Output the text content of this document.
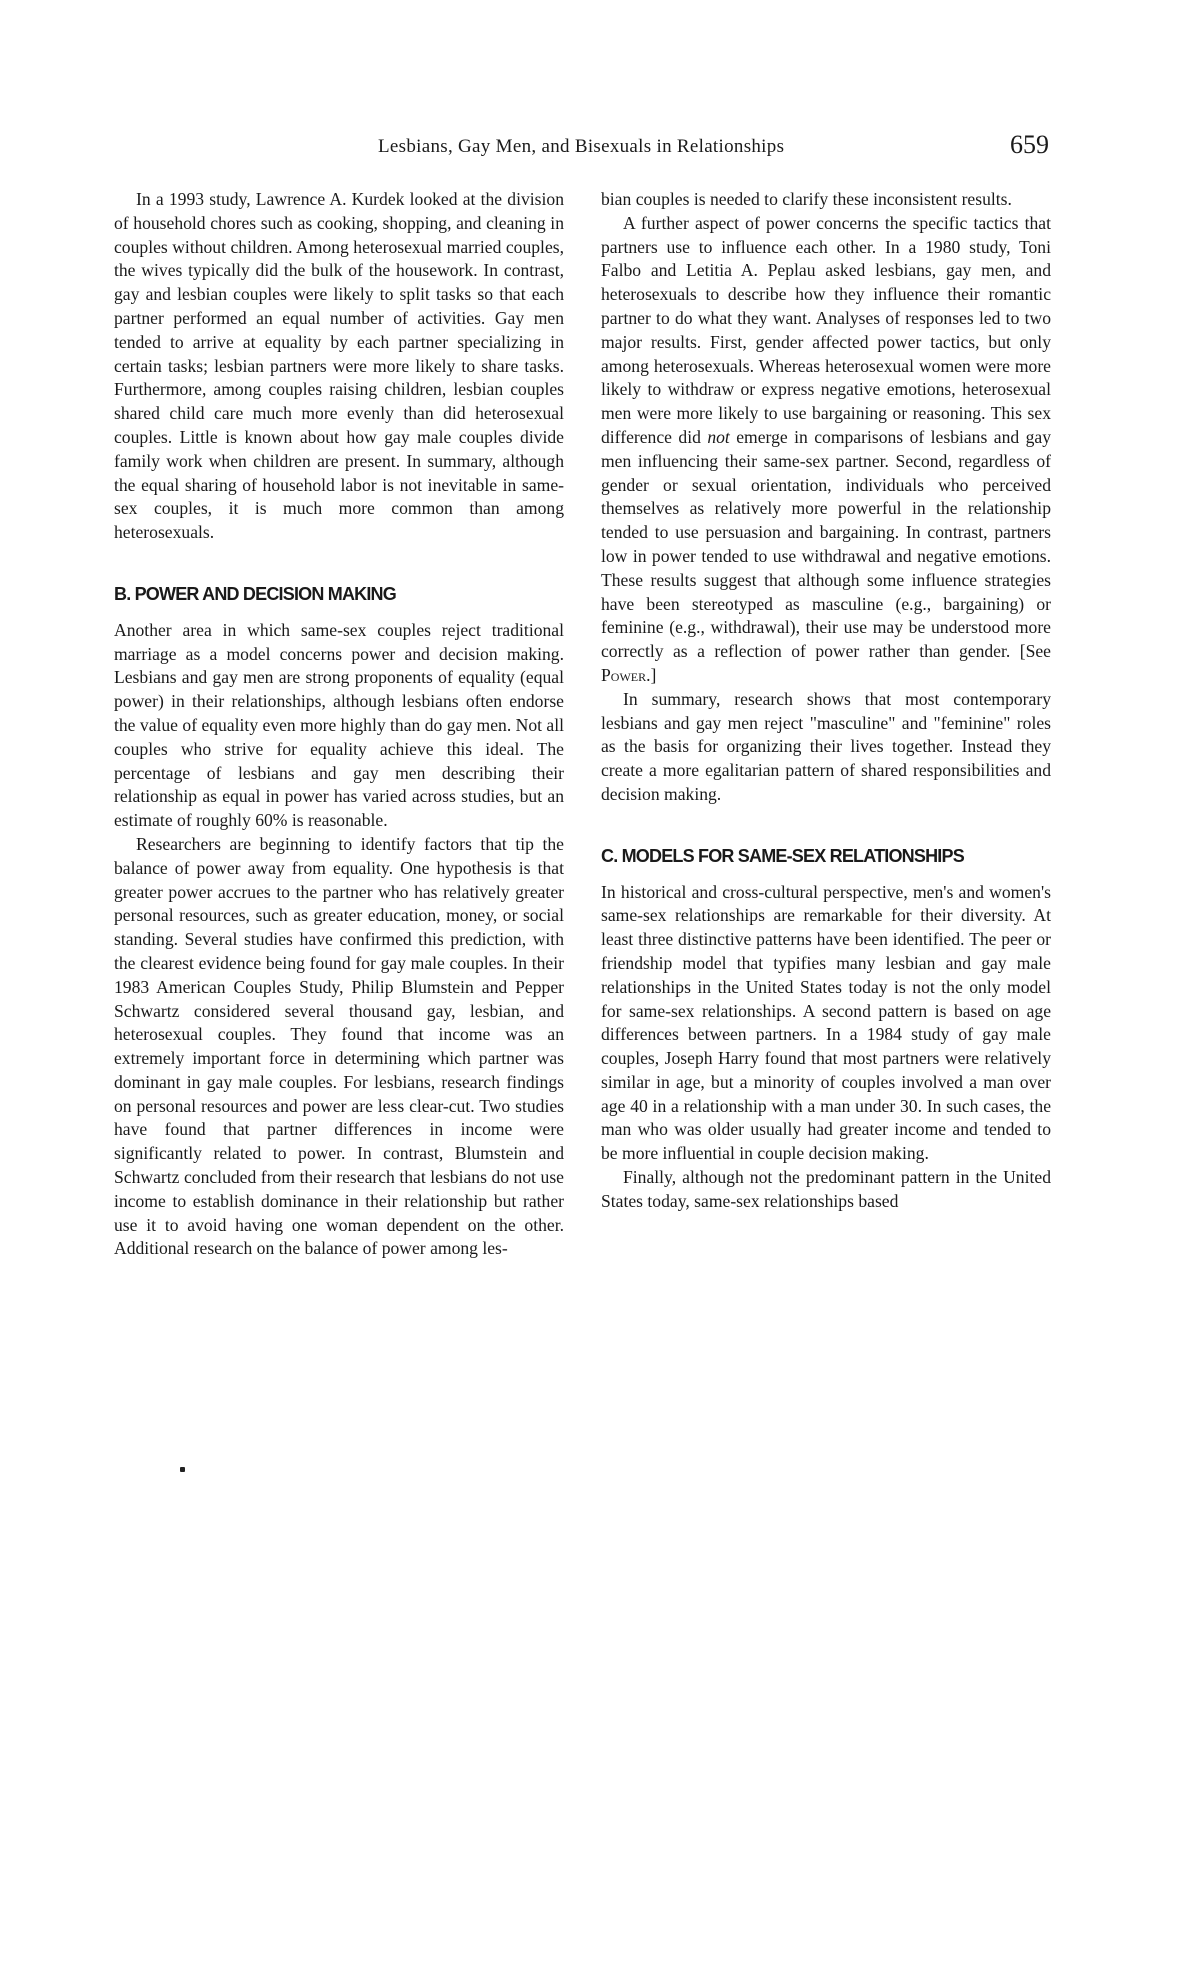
Lesbians, Gay Men, and Bisexuals in Relationships	659

In a 1993 study, Lawrence A. Kurdek looked at the division of household chores such as cooking, shopping, and cleaning in couples without children. Among heterosexual married couples, the wives typically did the bulk of the housework. In contrast, gay and lesbian couples were likely to split tasks so that each partner performed an equal number of activities. Gay men tended to arrive at equality by each partner specializing in certain tasks; lesbian partners were more likely to share tasks. Furthermore, among couples raising children, lesbian couples shared child care much more evenly than did heterosexual couples. Little is known about how gay male couples divide family work when children are present. In summary, although the equal sharing of household labor is not inevitable in same-sex couples, it is much more common than among heterosexuals.

B. POWER AND DECISION MAKING

Another area in which same-sex couples reject traditional marriage as a model concerns power and decision making. Lesbians and gay men are strong proponents of equality (equal power) in their relationships, although lesbians often endorse the value of equality even more highly than do gay men. Not all couples who strive for equality achieve this ideal. The percentage of lesbians and gay men describing their relationship as equal in power has varied across studies, but an estimate of roughly 60% is reasonable.

Researchers are beginning to identify factors that tip the balance of power away from equality. One hypothesis is that greater power accrues to the partner who has relatively greater personal resources, such as greater education, money, or social standing. Several studies have confirmed this prediction, with the clearest evidence being found for gay male couples. In their 1983 American Couples Study, Philip Blumstein and Pepper Schwartz considered several thousand gay, lesbian, and heterosexual couples. They found that income was an extremely important force in determining which partner was dominant in gay male couples. For lesbians, research findings on personal resources and power are less clear-cut. Two studies have found that partner differences in income were significantly related to power. In contrast, Blumstein and Schwartz concluded from their research that lesbians do not use income to establish dominance in their relationship but rather use it to avoid having one woman dependent on the other. Additional research on the balance of power among les-

bian couples is needed to clarify these inconsistent results.

A further aspect of power concerns the specific tactics that partners use to influence each other. In a 1980 study, Toni Falbo and Letitia A. Peplau asked lesbians, gay men, and heterosexuals to describe how they influence their romantic partner to do what they want. Analyses of responses led to two major results. First, gender affected power tactics, but only among heterosexuals. Whereas heterosexual women were more likely to withdraw or express negative emotions, heterosexual men were more likely to use bargaining or reasoning. This sex difference did not emerge in comparisons of lesbians and gay men influencing their same-sex partner. Second, regardless of gender or sexual orientation, individuals who perceived themselves as relatively more powerful in the relationship tended to use persuasion and bargaining. In contrast, partners low in power tended to use withdrawal and negative emotions. These results suggest that although some influence strategies have been stereotyped as masculine (e.g., bargaining) or feminine (e.g., withdrawal), their use may be understood more correctly as a reflection of power rather than gender. [See Power.]

In summary, research shows that most contemporary lesbians and gay men reject "masculine" and "feminine" roles as the basis for organizing their lives together. Instead they create a more egalitarian pattern of shared responsibilities and decision making.

C. MODELS FOR SAME-SEX RELATIONSHIPS

In historical and cross-cultural perspective, men's and women's same-sex relationships are remarkable for their diversity. At least three distinctive patterns have been identified. The peer or friendship model that typifies many lesbian and gay male relationships in the United States today is not the only model for same-sex relationships. A second pattern is based on age differences between partners. In a 1984 study of gay male couples, Joseph Harry found that most partners were relatively similar in age, but a minority of couples involved a man over age 40 in a relationship with a man under 30. In such cases, the man who was older usually had greater income and tended to be more influential in couple decision making.

Finally, although not the predominant pattern in the United States today, same-sex relationships based
